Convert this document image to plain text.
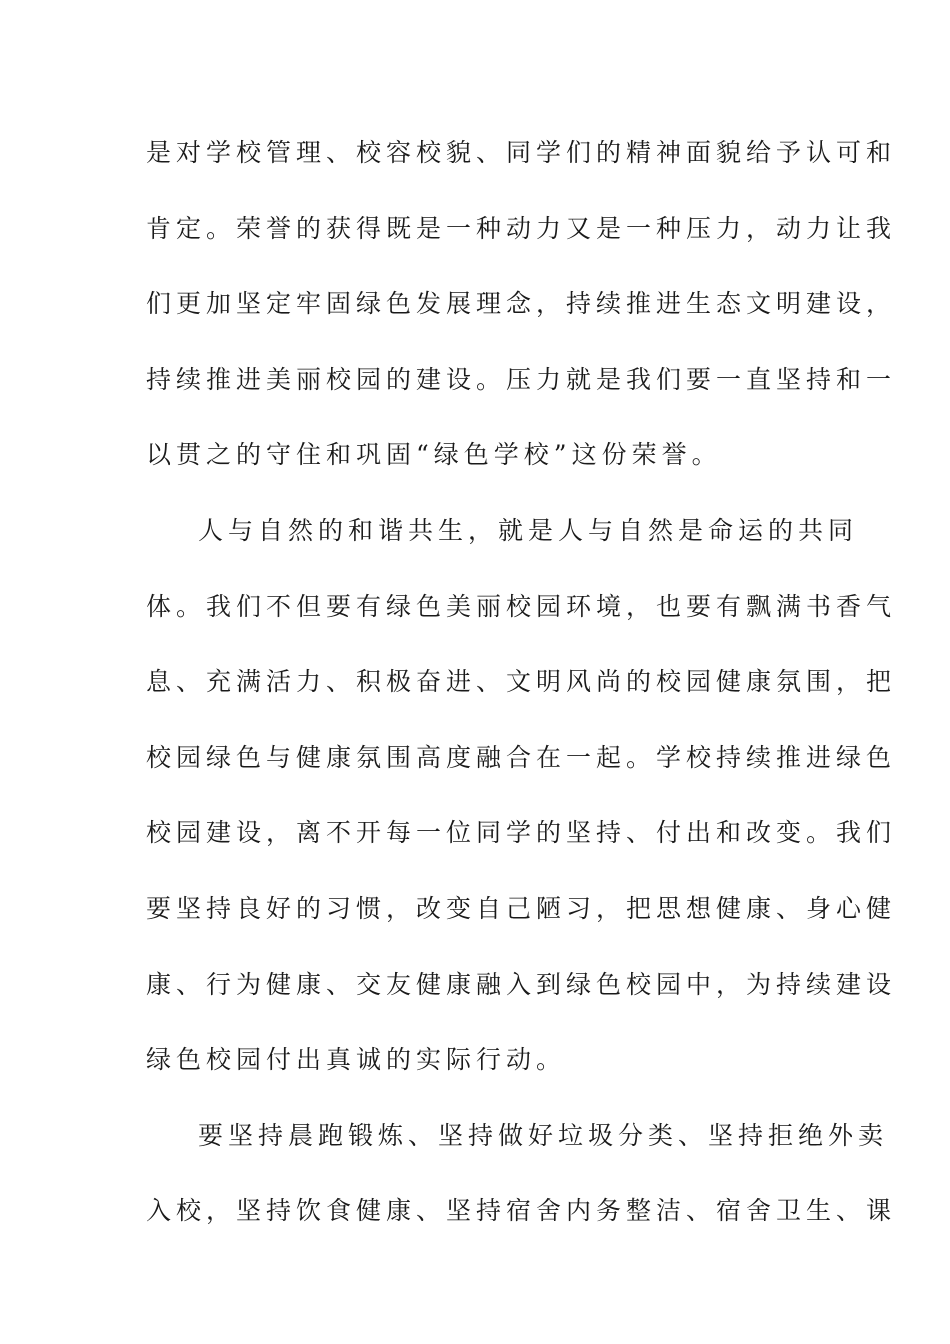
是对学校管理、校容校貌、同学们的精神面貌给予认可和
肯定。荣誉的获得既是一种动力又是一种压力，动力让我
们更加坚定牢固绿色发展理念，持续推进生态文明建设，
持续推进美丽校园的建设。压力就是我们要一直坚持和一
以贯之的守住和巩固“绿色学校”这份荣誉。
人与自然的和谐共生，就是人与自然是命运的共同
体。我们不但要有绿色美丽校园环境，也要有飘满书香气
息、充满活力、积极奋进、文明风尚的校园健康氛围，把
校园绿色与健康氛围高度融合在一起。学校持续推进绿色
校园建设，离不开每一位同学的坚持、付出和改变。我们
要坚持良好的习惯，改变自己陋习，把思想健康、身心健
康、行为健康、交友健康融入到绿色校园中，为持续建设
绿色校园付出真诚的实际行动。
要坚持晨跑锻炼、坚持做好垃圾分类、坚持拒绝外卖
入校，坚持饮食健康、坚持宿舍内务整洁、宿舍卫生、课
